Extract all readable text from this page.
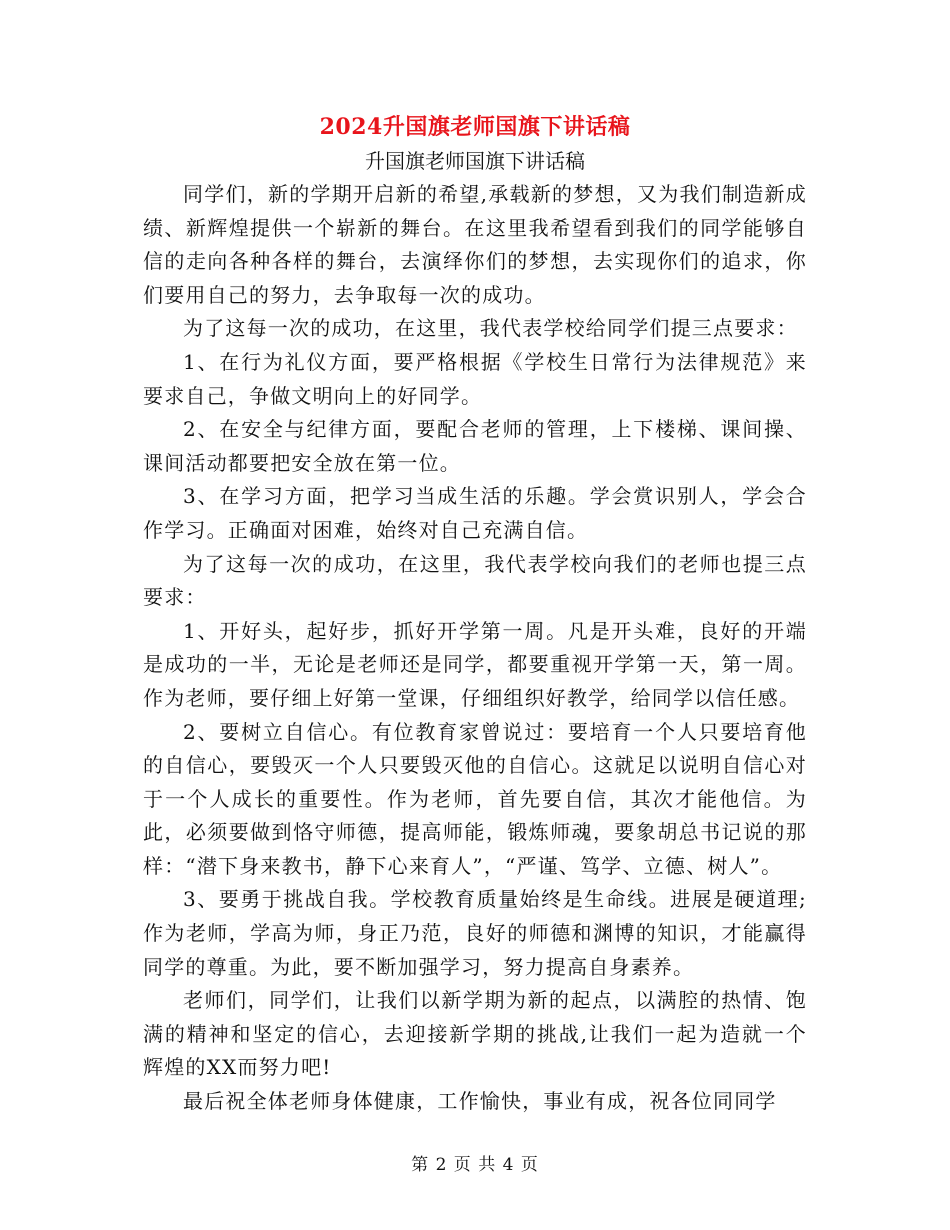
2024升国旗老师国旗下讲话稿
升国旗老师国旗下讲话稿

同学们，新的学期开启新的希望,承载新的梦想，又为我们制造新成绩、新辉煌提供一个崭新的舞台。在这里我希望看到我们的同学能够自信的走向各种各样的舞台，去演绎你们的梦想，去实现你们的追求，你们要用自己的努力，去争取每一次的成功。

为了这每一次的成功，在这里，我代表学校给同学们提三点要求：

1、在行为礼仪方面，要严格根据《学校生日常行为法律规范》来要求自己，争做文明向上的好同学。

2、在安全与纪律方面，要配合老师的管理，上下楼梯、课间操、课间活动都要把安全放在第一位。

3、在学习方面，把学习当成生活的乐趣。学会赏识别人，学会合作学习。正确面对困难，始终对自己充满自信。

为了这每一次的成功，在这里，我代表学校向我们的老师也提三点要求：

1、开好头，起好步，抓好开学第一周。凡是开头难，良好的开端是成功的一半，无论是老师还是同学，都要重视开学第一天，第一周。作为老师，要仔细上好第一堂课，仔细组织好教学，给同学以信任感。

2、要树立自信心。有位教育家曾说过：要培育一个人只要培育他的自信心，要毁灭一个人只要毁灭他的自信心。这就足以说明自信心对于一个人成长的重要性。作为老师，首先要自信，其次才能他信。为此，必须要做到恪守师德，提高师能，锻炼师魂，要象胡总书记说的那样：“潜下身来教书，静下心来育人”，“严谨、笃学、立德、树人”。

3、要勇于挑战自我。学校教育质量始终是生命线。进展是硬道理;作为老师，学高为师，身正乃范，良好的师德和渊博的知识，才能赢得同学的尊重。为此，要不断加强学习，努力提高自身素养。

老师们，同学们，让我们以新学期为新的起点，以满腔的热情、饱满的精神和坚定的信心，去迎接新学期的挑战,让我们一起为造就一个辉煌的XX而努力吧!

最后祝全体老师身体健康，工作愉快，事业有成，祝各位同同学

第 2 页 共 4 页
